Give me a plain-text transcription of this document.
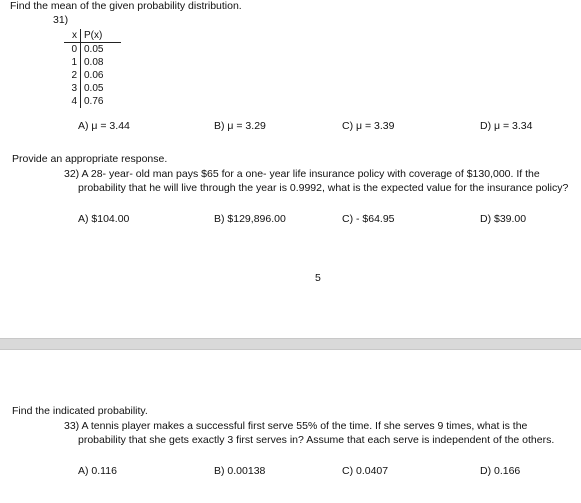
Find the mean of the given probability distribution.
31)
x	P(x)
0	0.05
1	0.08
2	0.06
3	0.05
4	0.76
A) μ = 3.44	B) μ = 3.29	C) μ = 3.39	D) μ = 3.34
Provide an appropriate response.
32) A 28- year- old man pays $65 for a one- year life insurance policy with coverage of $130,000. If the probability that he will live through the year is 0.9992, what is the expected value for the insurance policy?
A) $104.00	B) $129,896.00	C) - $64.95	D) $39.00
5
Find the indicated probability.
33) A tennis player makes a successful first serve 55% of the time. If she serves 9 times, what is the probability that she gets exactly 3 first serves in? Assume that each serve is independent of the others.
A) 0.116	B) 0.00138	C) 0.0407	D) 0.166
